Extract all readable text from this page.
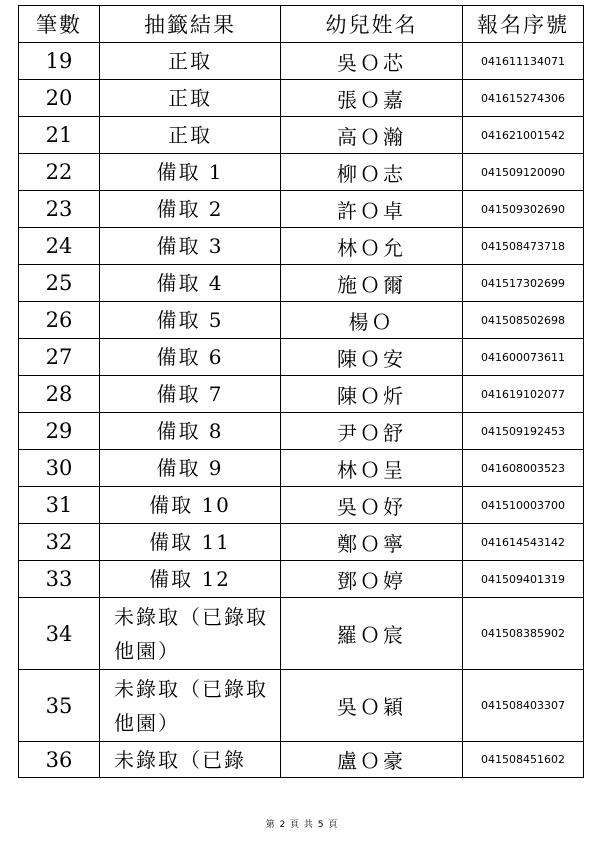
筆數	抽籤結果	幼兒姓名	報名序號
19	正取	吳Ｏ芯	041611134071
20	正取	張Ｏ嘉	041615274306
21	正取	高Ｏ瀚	041621001542
22	備取 1	柳Ｏ志	041509120090
23	備取 2	許Ｏ卓	041509302690
24	備取 3	林Ｏ允	041508473718
25	備取 4	施Ｏ爾	041517302699
26	備取 5	楊Ｏ	041508502698
27	備取 6	陳Ｏ安	041600073611
28	備取 7	陳Ｏ炘	041619102077
29	備取 8	尹Ｏ舒	041509192453
30	備取 9	林Ｏ呈	041608003523
31	備取 10	吳Ｏ妤	041510003700
32	備取 11	鄭Ｏ寧	041614543142
33	備取 12	鄧Ｏ婷	041509401319
34	未錄取（已錄取他園）	羅Ｏ宸	041508385902
35	未錄取（已錄取他園）	吳Ｏ穎	041508403307
36	未錄取（已錄	盧Ｏ豪	041508451602
第 2 頁 共 5 頁
